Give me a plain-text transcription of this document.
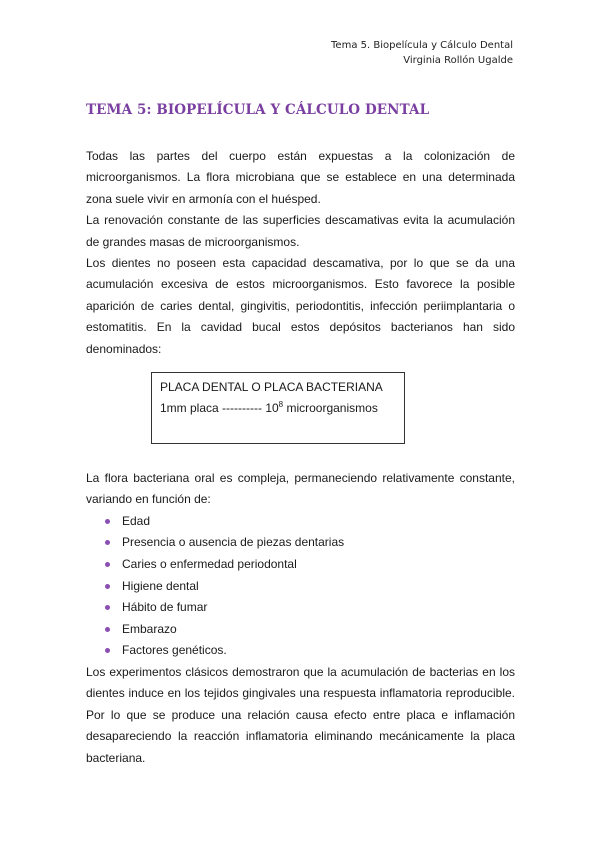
Tema 5. Biopelícula y Cálculo Dental
Virginia Rollón Ugalde
TEMA 5: BIOPELÍCULA Y CÁLCULO DENTAL

Todas las partes del cuerpo están expuestas a la colonización de microorganismos. La flora microbiana que se establece en una determinada zona suele vivir en armonía con el huésped.

La renovación constante de las superficies descamativas evita la acumulación de grandes masas de microorganismos.

Los dientes no poseen esta capacidad descamativa, por lo que se da una acumulación excesiva de estos microorganismos. Esto favorece la posible aparición de caries dental, gingivitis, periodontitis, infección periimplantaria o estomatitis. En la cavidad bucal estos depósitos bacterianos han sido denominados:

PLACA DENTAL O PLACA BACTERIANA
1mm placa ---------- $10^8$ microorganismos

La flora bacteriana oral es compleja, permaneciendo relativamente constante, variando en función de:

Edad
Presencia o ausencia de piezas dentarias
Caries o enfermedad periodontal
Higiene dental
Hábito de fumar
Embarazo
Factores genéticos.

Los experimentos clásicos demostraron que la acumulación de bacterias en los dientes induce en los tejidos gingivales una respuesta inflamatoria reproducible. Por lo que se produce una relación causa efecto entre placa e inflamación desapareciendo la reacción inflamatoria eliminando mecánicamente la placa bacteriana.
